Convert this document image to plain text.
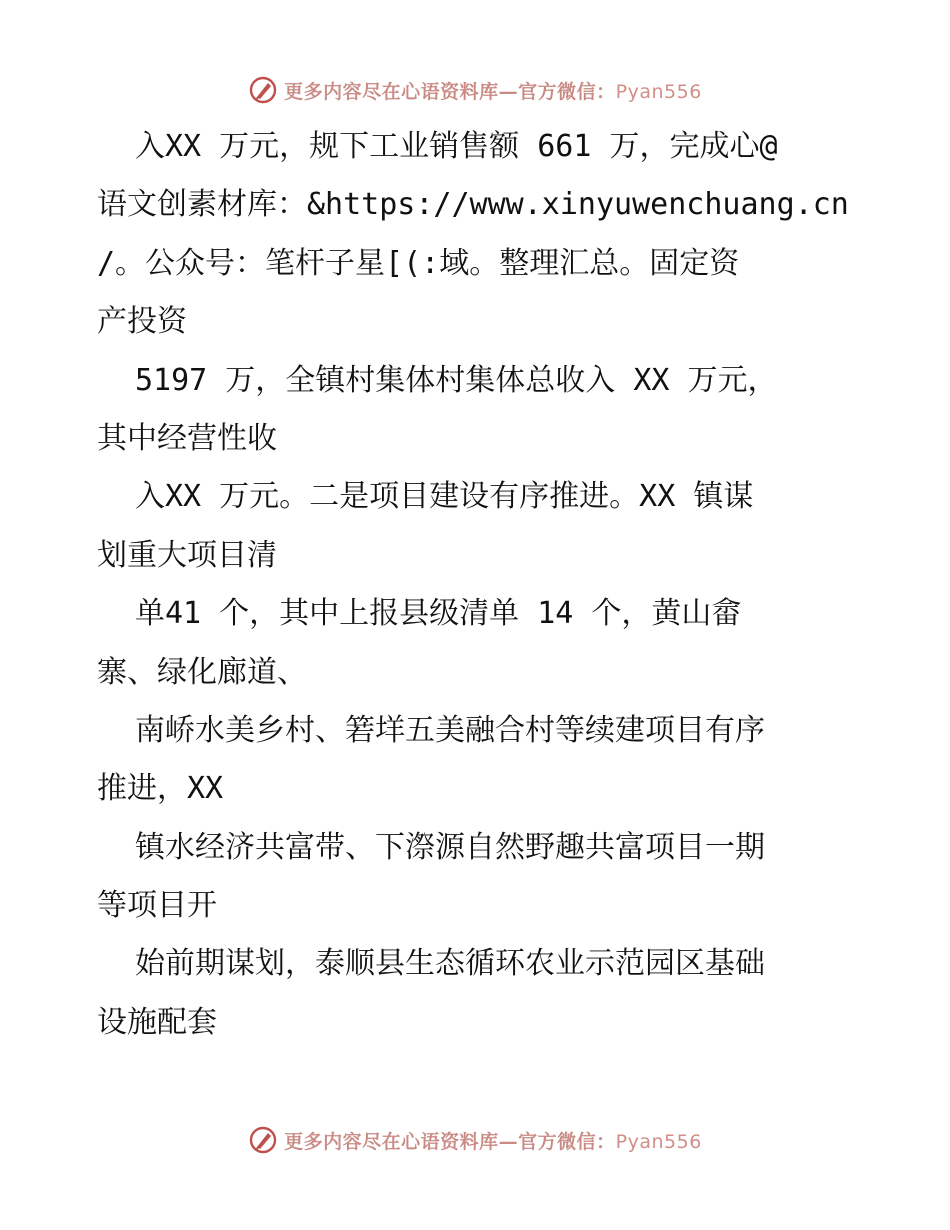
更多内容尽在心语资料库—官方微信：Pyan556
入XX 万元，规下工业销售额 661 万，完成心@
语文创素材库：&https://www.xinyuwenchuang.cn
/。公众号：笔杆子星[(:域。整理汇总。固定资
产投资
5197 万，全镇村集体村集体总收入 XX 万元，
其中经营性收
入XX 万元。二是项目建设有序推进。XX 镇谋
划重大项目清
单41 个，其中上报县级清单 14 个，黄山畲
寨、绿化廊道、
南峤水美乡村、箬垟五美融合村等续建项目有序
推进，XX
镇水经济共富带、下漈源自然野趣共富项目一期
等项目开
始前期谋划，泰顺县生态循环农业示范园区基础
设施配套
更多内容尽在心语资料库—官方微信：Pyan556
